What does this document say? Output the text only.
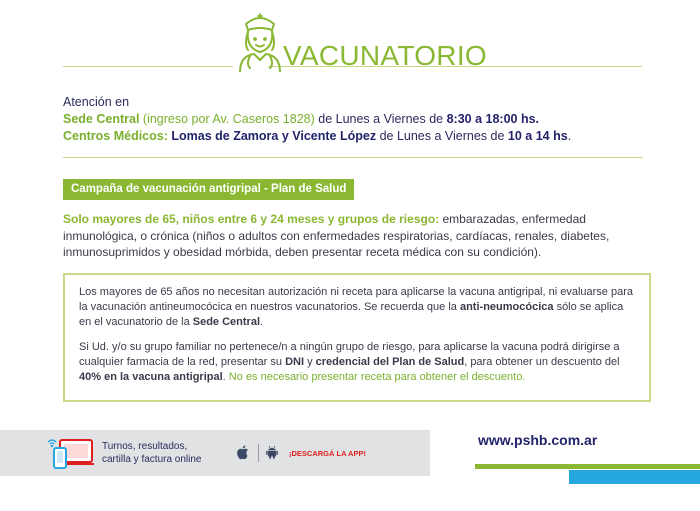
VACUNATORIO
Atención en
Sede Central (ingreso por Av. Caseros 1828) de Lunes a Viernes de 8:30 a 18:00 hs.
Centros Médicos: Lomas de Zamora y Vicente López de Lunes a Viernes de 10 a 14 hs.
Campaña de vacunación antigripal - Plan de Salud
Solo mayores de 65, niños entre 6 y 24 meses y grupos de riesgo: embarazadas, enfermedad inmunológica, o crónica (niños o adultos con enfermedades respiratorias, cardíacas, renales, diabetes, inmunosuprimidos y obesidad mórbida, deben presentar receta médica con su condición).

Los mayores de 65 años no necesitan autorización ni receta para aplicarse la vacuna antigripal, ni evaluarse para la vacunación antineumocócica en nuestros vacunatorios. Se recuerda que la anti-neumocócica sólo se aplica en el vacunatorio de la Sede Central.

Si Ud. y/o su grupo familiar no pertenece/n a ningún grupo de riesgo, para aplicarse la vacuna podrá dirigirse a cualquier farmacia de la red, presentar su DNI y credencial del Plan de Salud, para obtener un descuento del 40% en la vacuna antigripal. No es necesario presentar receta para obtener el descuento.

Turnos, resultados,
cartilla y factura online
¡DESCARGÁ LA APP!
www.pshb.com.ar
